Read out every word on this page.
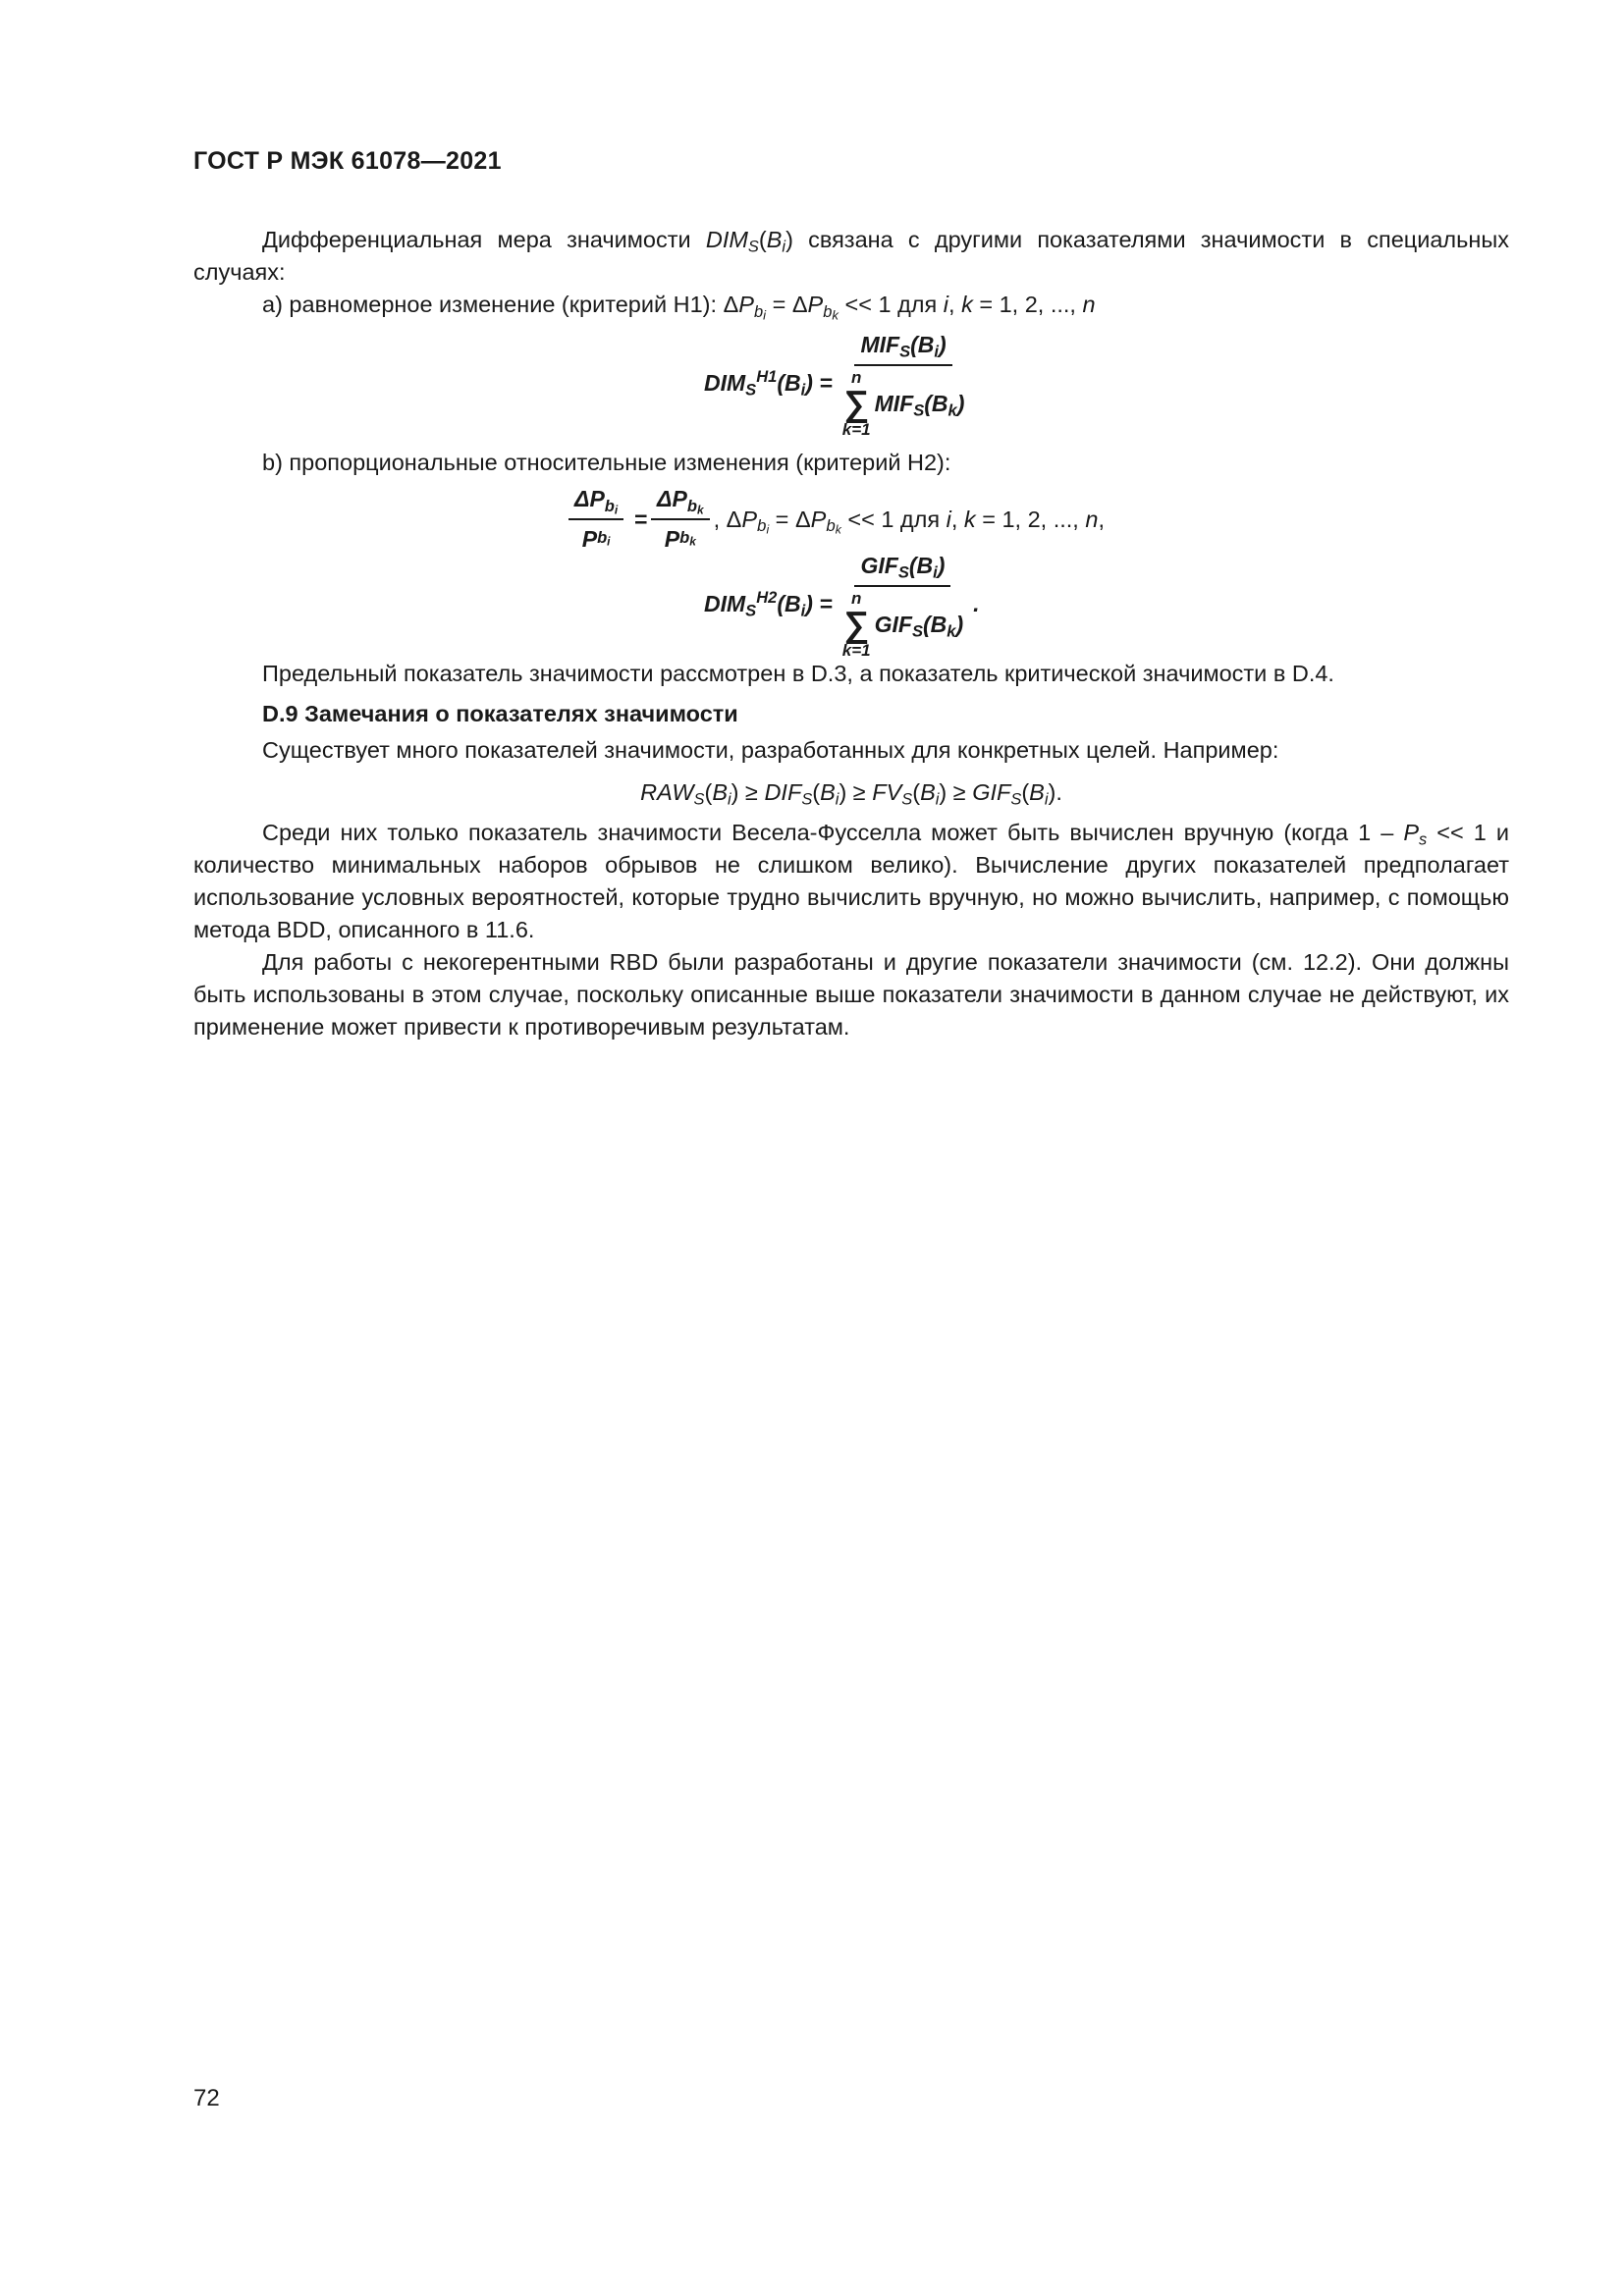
ГОСТ Р МЭК 61078—2021

Дифференциальная мера значимости $DIM_S(B_i)$ связана с другими показателями значимости в специальных случаях:

a) равномерное изменение (критерий H1): $\Delta P_{b_i} = \Delta P_{b_k} << 1$ для i, k = 1, 2, ..., n

$DIM_S^{H1}(B_i) = MIF_S(B_i)$
n
∑
k=1
$MIF_S(B_k)$

b) пропорциональные относительные изменения (критерий H2):

$\frac{\Delta P_{b_i}}{P b_i} = \frac{\Delta P_{b_k}}{P b_k}$ , $\Delta P_{b_i} = \Delta P_{b_k} << 1$ для i, k = 1, 2, ..., n,
$DIM_S^{H2}(B_i) = GIF_S(B_i)$
n
∑
k=1
$GIF_S(B_k)$ .

Предельный показатель значимости рассмотрен в D.3, а показатель критической значимости в D.4.

D.9 Замечания о показателях значимости

Существует много показателей значимости, разработанных для конкретных целей. Например:

$RAW_S(B_i) \ge DIF_S(B_i) \ge FV_S(B_i) \ge GIF_S(B_i)$.

Среди них только показатель значимости Весела-Фусселла может быть вычислен вручную (когда $1 - P_s << 1$ и количество минимальных наборов обрывов не слишком велико). Вычисление других показателей предполагает использование условных вероятностей, которые трудно вычислить вручную, но можно вычислить, например, с помощью метода BDD, описанного в 11.6.

Для работы с некогерентными RBD были разработаны и другие показатели значимости (см. 12.2). Они должны быть использованы в этом случае, поскольку описанные выше показатели значимости в данном случае не действуют, их применение может привести к противоречивым результатам.

72
